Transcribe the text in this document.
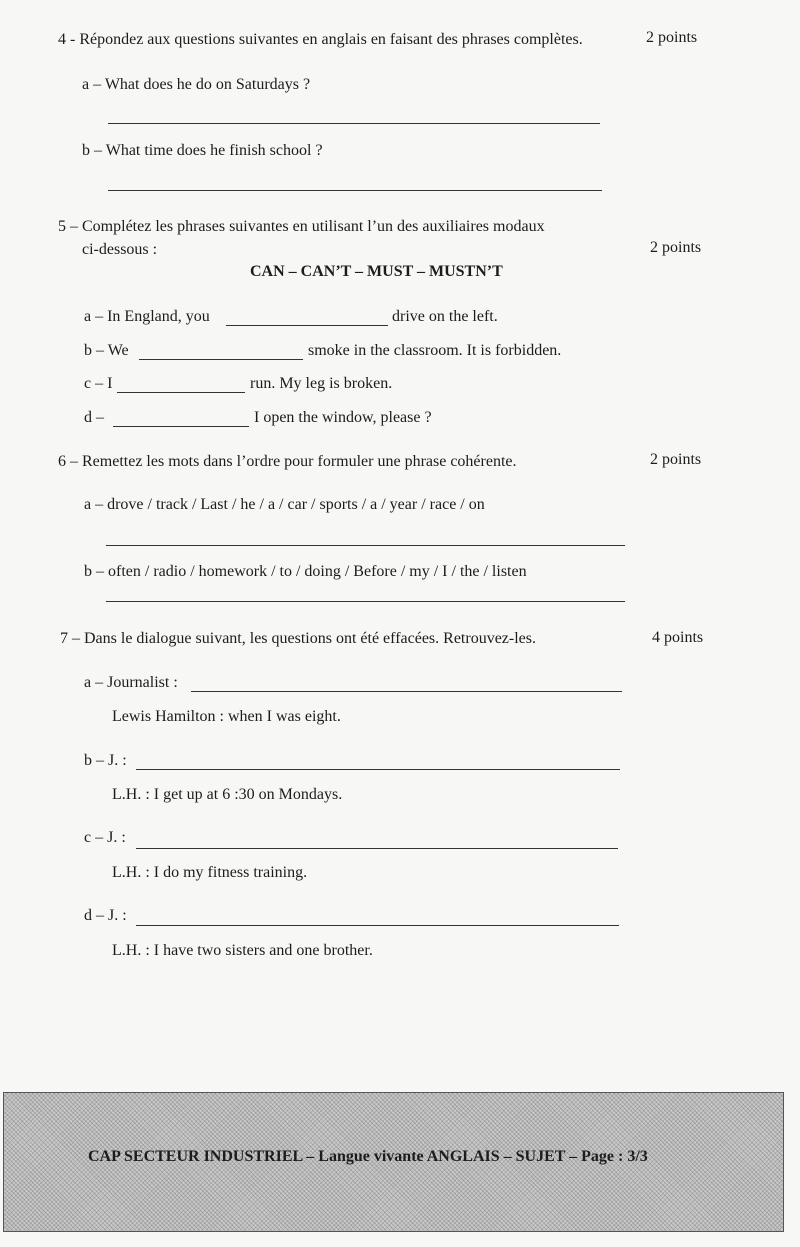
4 - Répondez aux questions suivantes en anglais en faisant des phrases complètes.	2 points
a – What does he do on Saturdays ?
b – What time does he finish school ?
5 – Complétez les phrases suivantes en utilisant l’un des auxiliaires modaux
ci-dessous :	2 points
CAN – CAN’T – MUST – MUSTN’T
a – In England, you	drive on the left.
b – We	smoke in the classroom. It is forbidden.
c – I	run. My leg is broken.
d –	I open the window, please ?
6 – Remettez les mots dans l’ordre pour formuler une phrase cohérente.	2 points
a – drove / track / Last / he / a / car / sports / a / year / race / on
b – often / radio / homework / to / doing / Before / my / I / the / listen
7 – Dans le dialogue suivant, les questions ont été effacées. Retrouvez-les.	4 points
a – Journalist :
Lewis Hamilton : when I was eight.
b – J. :
L.H. : I get up at 6 :30 on Mondays.
c – J. :
L.H. : I do my fitness training.
d – J. :
L.H. : I have two sisters and one brother.
CAP SECTEUR INDUSTRIEL – Langue vivante ANGLAIS – SUJET – Page : 3/3
